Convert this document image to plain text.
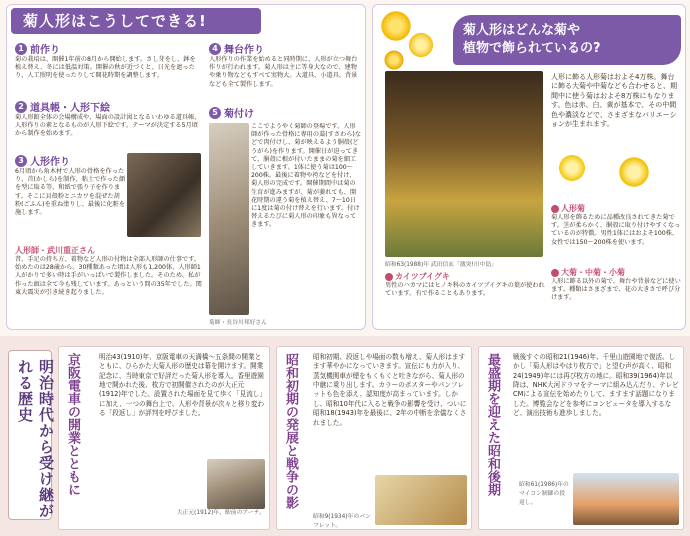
菊人形はこうしてできる!
1 前作り
菊の栽培は、開催1年前の8月から開始します。さし芽をし、鉢を植え替え、冬には低温対策。開催の秋が近づくと、日光を遮ったり、人工照明を使ったりして開花時期を調整します。
2 道具帳・人形下絵
菊人形館全体の会場構成や、場面の設計図となるいわゆる道具帳、人形作りの素となるものが人形下絵です。テーマが決定する5月頃から制作を始めます。
3 人形作り
6月頃から角木材で人形の骨格を作ったり、首(かしら)を制作、粘土で作った顔を型に取る等、和紙で張り子を作ります。そこに貝殻粉とニカワを混ぜた胡粉(ごふん)を重ね塗りし、最後に化粧を施します。
人形師・武川重正さん
昔、手足の持ち方、着物など人形の付物は全部人形師の仕事です。始めたのは28歳から。30種類あった頃は人形も1,200体、人形師1人がかりで多い時は手がいっぱいで製作しました。そのため、私が作った頭は全て今も残しています。あっという間の35年でした。関東大震災が引き続き起りました。
4 舞台作り
人形作りの作業を始めると同時期に、人形が立つ舞台作りが行われます。菊人形は主に等身大なので、建物や乗り物などもすべて実物大。大道具、小道具、背景なども全て製作します。
5 菊付け
ここでようやく菊師の登場です。人形師が作った骨格に専用の藁(すさわら)などで肉付けし、菊が映えるよう胴殻(どうがら)を作ります。開催日が迫ってきて、胴殻に根が付いたままの菊を細工していきます。1体に使う菊は100〜200株。最後に着物や袴などを付け、菊人形の完成です。開催期間中は菊の生育が進みますが、菊が萎れても、開花時期の違う菊を植え替え、7〜10日に1度は菊の付け替えを行います。付け替えるたびに菊人形の印象も異なってきます。
菊師・長谷川邦好さん
菊人形はどんな菊や
植物で飾られているの?
昭和63(1988)年 武田信玄「激突!川中島」
人形に飾る人形菊はおよそ4万株。舞台に飾る大菊や中菊なども合わせると、期間中に使う菊はおよそ8万株にもなります。色は赤、白、黄が基本で、その中間色や濃淡などで、さまざまなバリエーションが生まれます。
人形菊
菊人形を飾るために品種改良されてきた菊です。茎が柔らかく、胴殻に取り付けやすくなっているのが特徴。男性1体にはおよそ100株、女性では150〜200株を使います。
カイツブイグキ
男性のハカマにはヒノキ科のカイツブイグキの葉が使われています。有で作ることもあります。
大菊・中菊・小菊
人形に飾る以外の菊で、舞台や背景などに使います。種類はさまざまで、花の大きさで呼び分けます。
明治時代から受け継がれる歴史	京阪電車の開業とともに	明治43(1910)年、京阪電車の天満橋〜五条間の開業とともに、ひらかた大菊人形の歴史は幕を開けます。開業記念に、当時東京で好評だった菊人形を導入。香里遊園地で開かれた後、枚方で初開催されたのが大正元(1912)年でした。設置された場面を見て歩く「見流し」に加え、一つの舞台上で、人形や背景が次々と移り変わる「段返し」が評判を呼びました。
大正元(1912)年、駅前のアーチ。
昭和初期の発展と戦争の影	昭和初期、段返しや場面の数も増え、菊人形はますます華やかになっていきます。宣伝にも力が入り、蒸気機関車が煙をもくもくと吐きながら、菊人形の中継に乗り出します。カラーのポスターやパンフレットも色を添え、認知度が高まっています。しかし、昭和10年代に入ると戦争の影響を受け、ついに昭和18(1943)年を最後に、2年の中断を余儀なくされました。
昭和9(1934)年のパンフレット。
最盛期を迎えた昭和後期	戦後すぐの昭和21(1946)年、千里山遊園地で復活。しかし「菊人形はやはり枚方で」と望む声が高く、昭和24(1949)年には再び枚方の地に。昭和39(1964)年以降は、NHK大河ドラマをテーマに組み込んだり、テレビCMによる宣伝を始めたりして、ますます話題になりました。博覧会などを参考にコンピュータを導入するなど、演出技術も進歩しました。
昭和61(1986)年のマイコン制御の段返し。
